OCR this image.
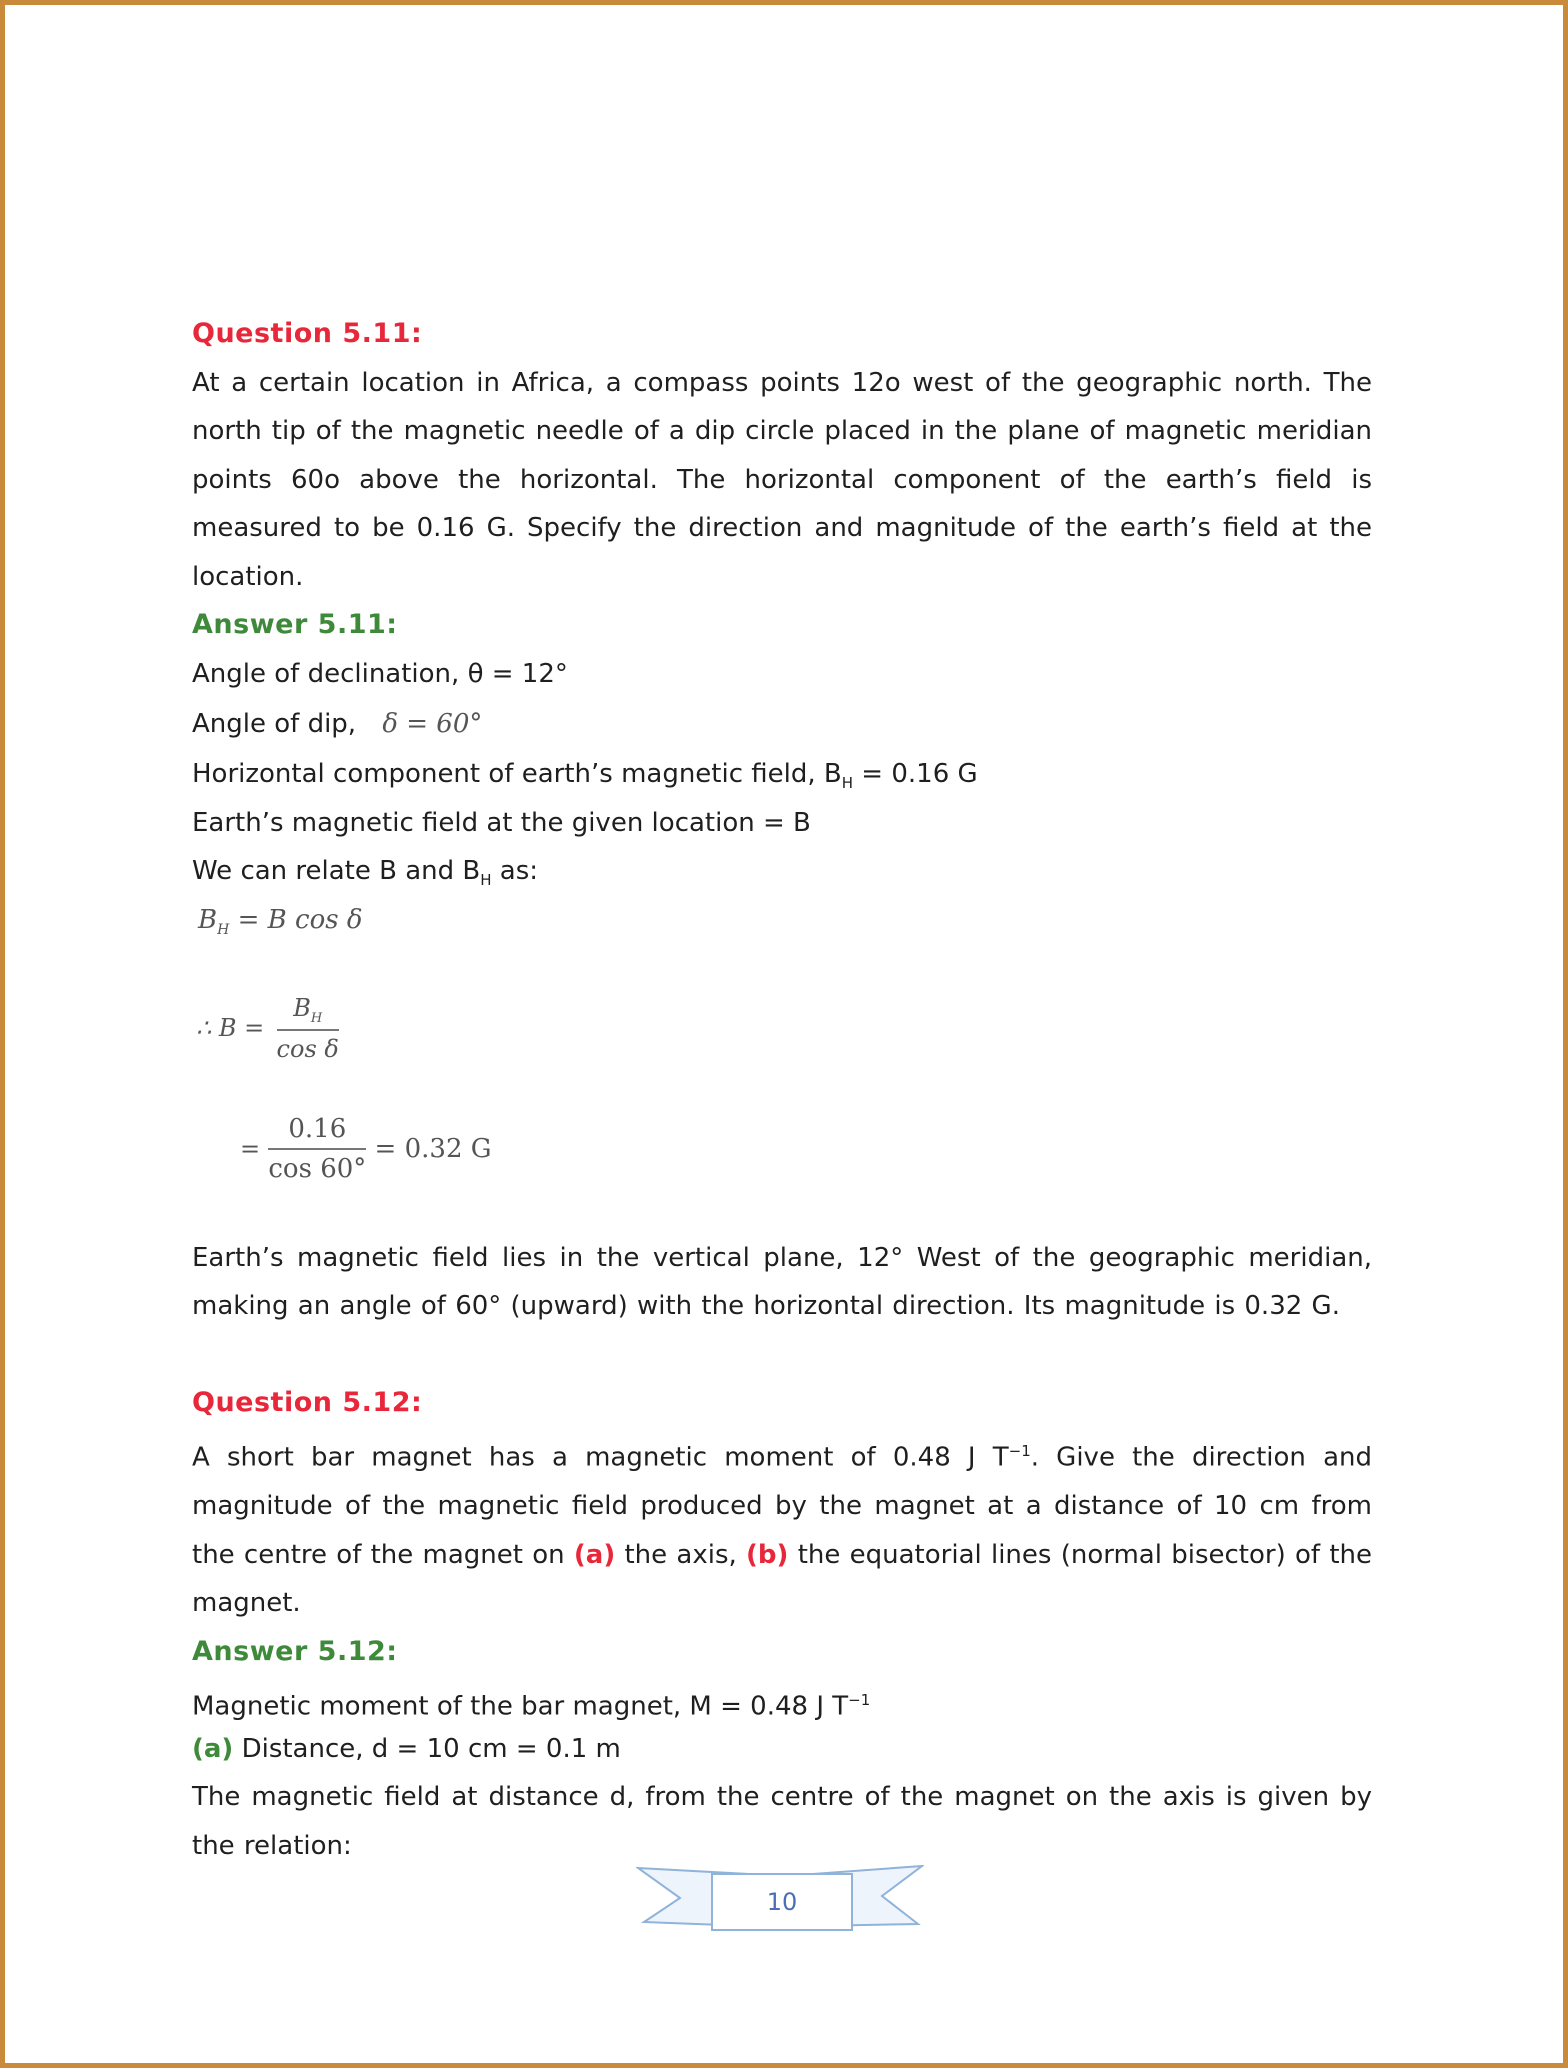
Question 5.11:

At a certain location in Africa, a compass points 12o west of the geographic north. The north tip of the magnetic needle of a dip circle placed in the plane of magnetic meridian points 60o above the horizontal. The horizontal component of the earth’s field is measured to be 0.16 G. Specify the direction and magnitude of the earth’s field at the location.

Answer 5.11:

Angle of declination, θ = 12°

Angle of dip, δ = 60°

Horizontal component of earth’s magnetic field, $B_H = 0.16$ G

Earth’s magnetic field at the given location = B

We can relate B and $B_H$ as:

$B_H = B$ cos δ
∴ $B = \frac{B_H}{\text{cos δ}}$
= $\frac{0.16}{\cos 60^\circ} = 0.32$ G

Earth’s magnetic field lies in the vertical plane, 12° West of the geographic meridian, making an angle of 60° (upward) with the horizontal direction. Its magnitude is 0.32 G.

Question 5.12:

A short bar magnet has a magnetic moment of 0.48 J $T^{-1}$. Give the direction and magnitude of the magnetic field produced by the magnet at a distance of 10 cm from the centre of the magnet on (a) the axis, (b) the equatorial lines (normal bisector) of the magnet.

Answer 5.12:

Magnetic moment of the bar magnet, M = 0.48 J $T^{-1}$

(a) Distance, d = 10 cm = 0.1 m

The magnetic field at distance d, from the centre of the magnet on the axis is given by the relation:

10
